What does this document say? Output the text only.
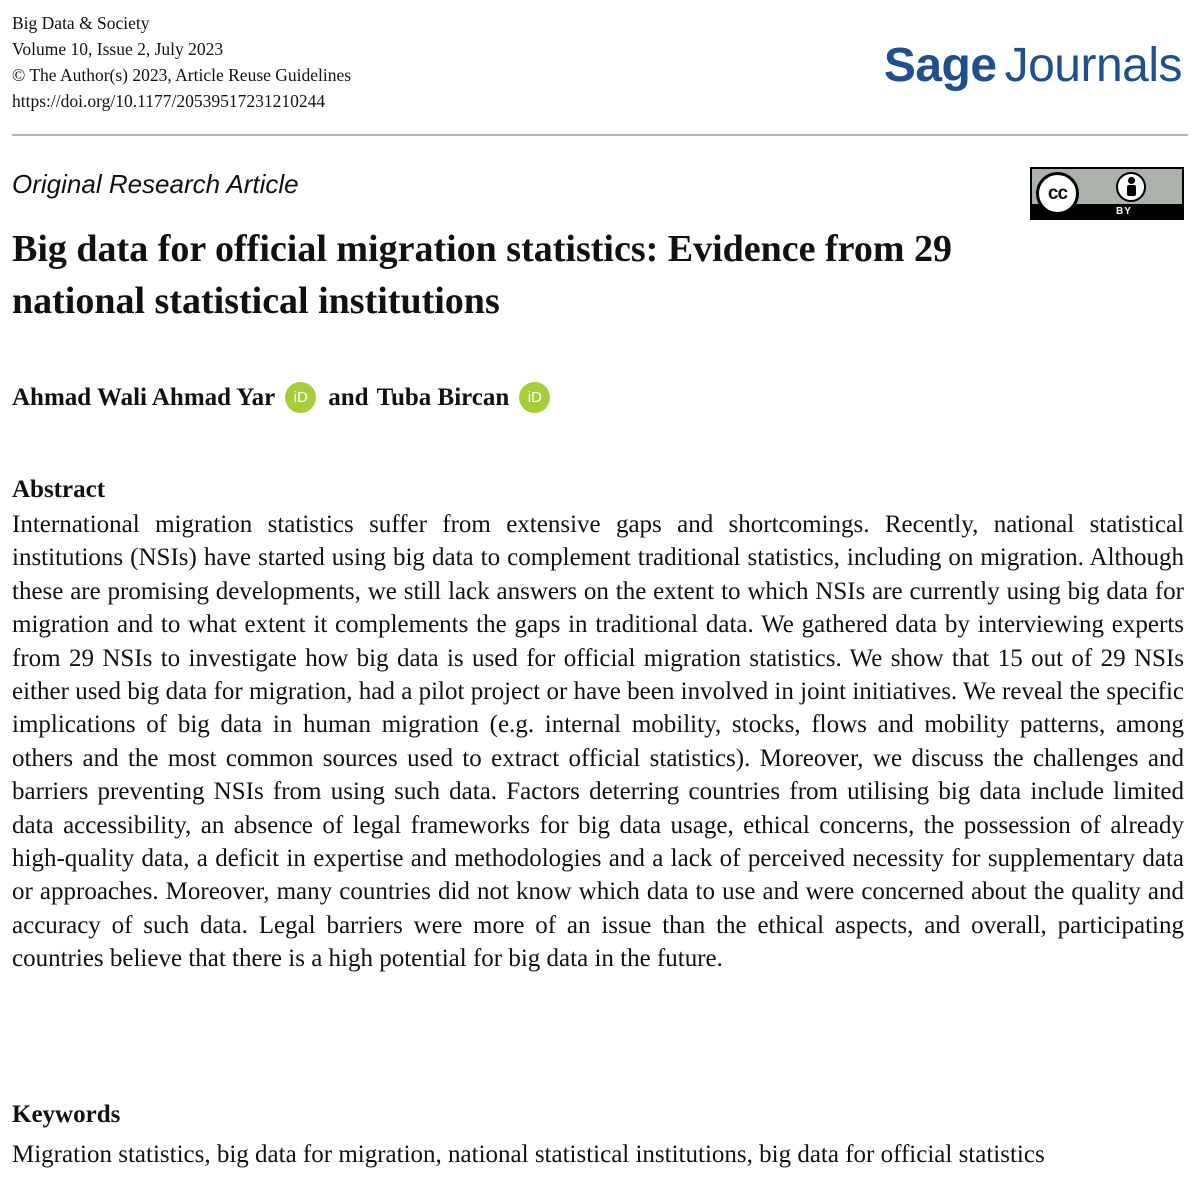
Big Data & Society
Volume 10, Issue 2, July 2023
© The Author(s) 2023, Article Reuse Guidelines
https://doi.org/10.1177/20539517231210244
Sage Journals
Original Research Article	cc
BY
Big data for official migration statistics: Evidence from 29 national statistical institutions
Ahmad Wali Ahmad Yar	iD and Tuba Bircan	iD
Abstract

International migration statistics suffer from extensive gaps and shortcomings. Recently, national statistical institutions (NSIs) have started using big data to complement traditional statistics, including on migration. Although these are promising developments, we still lack answers on the extent to which NSIs are currently using big data for migration and to what extent it complements the gaps in traditional data. We gathered data by interviewing experts from 29 NSIs to investigate how big data is used for official migration statistics. We show that 15 out of 29 NSIs either used big data for migration, had a pilot project or have been involved in joint initiatives. We reveal the specific implications of big data in human migration (e.g. internal mobility, stocks, flows and mobility patterns, among others and the most common sources used to extract official statistics). Moreover, we discuss the challenges and barriers preventing NSIs from using such data. Factors deterring countries from utilising big data include limited data accessibility, an absence of legal frameworks for big data usage, ethical concerns, the possession of already high-quality data, a deficit in expertise and methodologies and a lack of perceived necessity for supplementary data or approaches. Moreover, many countries did not know which data to use and were concerned about the quality and accuracy of such data. Legal barriers were more of an issue than the ethical aspects, and overall, participating countries believe that there is a high potential for big data in the future.

Keywords
Migration statistics, big data for migration, national statistical institutions, big data for official statistics
